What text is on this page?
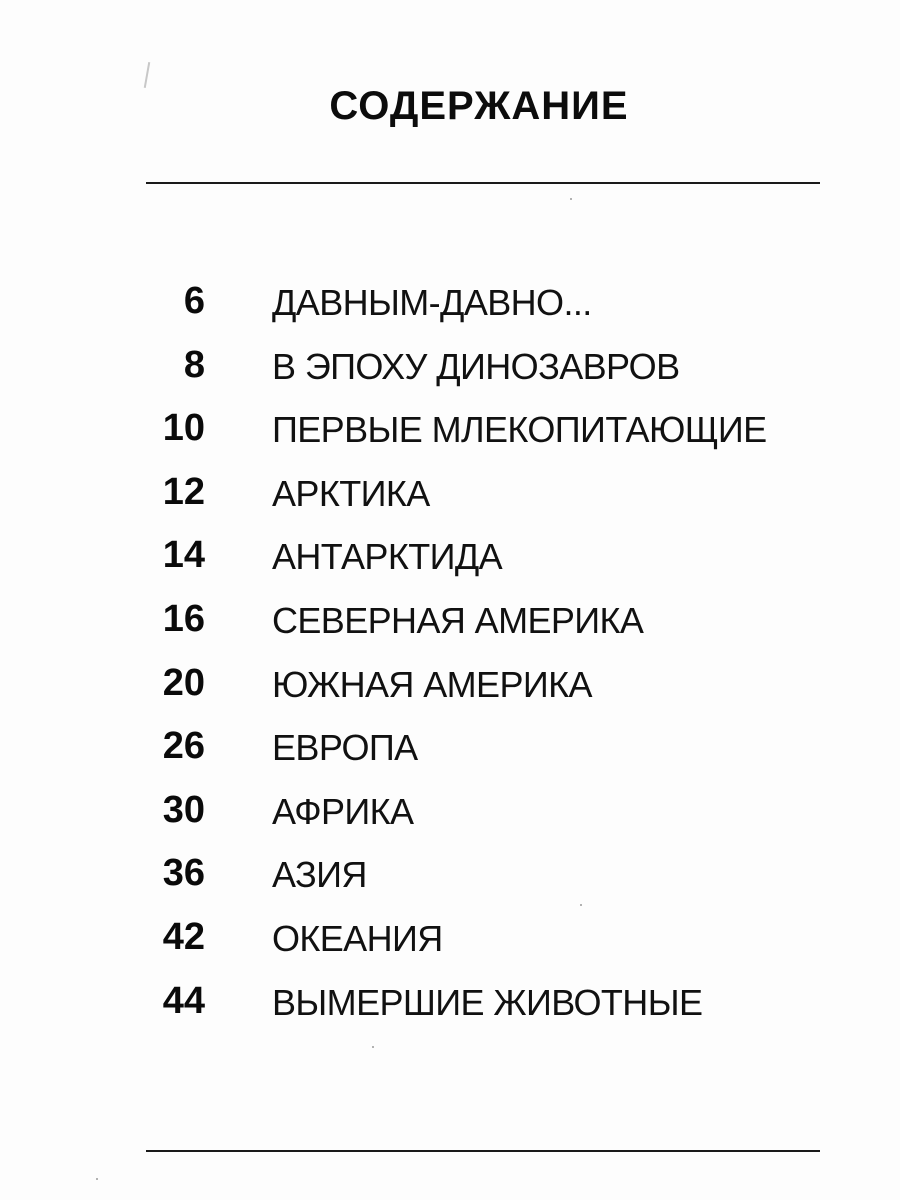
СОДЕРЖАНИЕ
6 ДАВНЫМ-ДАВНО...
8 В ЭПОХУ ДИНОЗАВРОВ
10 ПЕРВЫЕ МЛЕКОПИТАЮЩИЕ
12 АРКТИКА
14 АНТАРКТИДА
16 СЕВЕРНАЯ АМЕРИКА
20 ЮЖНАЯ АМЕРИКА
26 ЕВРОПА
30 АФРИКА
36 АЗИЯ
42 ОКЕАНИЯ
44 ВЫМЕРШИЕ ЖИВОТНЫЕ
